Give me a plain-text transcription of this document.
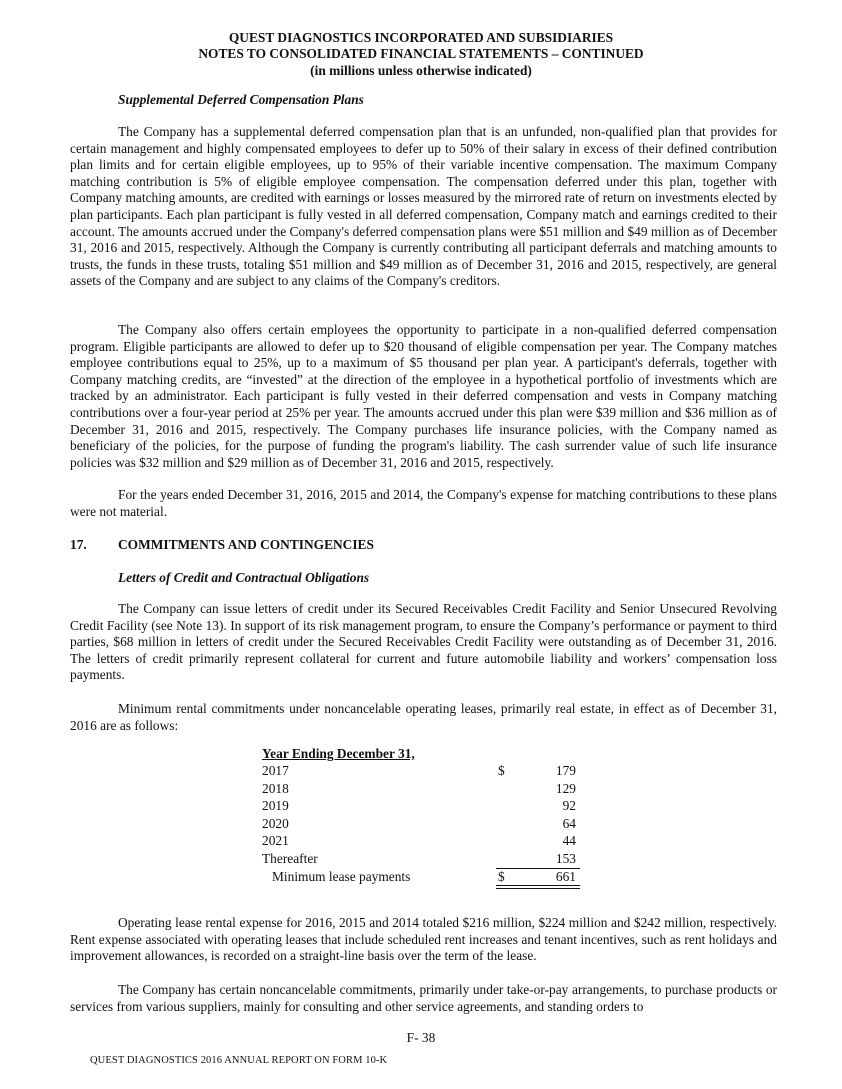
QUEST DIAGNOSTICS INCORPORATED AND SUBSIDIARIES
NOTES TO CONSOLIDATED FINANCIAL STATEMENTS – CONTINUED
(in millions unless otherwise indicated)
Supplemental Deferred Compensation Plans

The Company has a supplemental deferred compensation plan that is an unfunded, non-qualified plan that provides for certain management and highly compensated employees to defer up to 50% of their salary in excess of their defined contribution plan limits and for certain eligible employees, up to 95% of their variable incentive compensation. The maximum Company matching contribution is 5% of eligible employee compensation. The compensation deferred under this plan, together with Company matching amounts, are credited with earnings or losses measured by the mirrored rate of return on investments elected by plan participants. Each plan participant is fully vested in all deferred compensation, Company match and earnings credited to their account. The amounts accrued under the Company's deferred compensation plans were $51 million and $49 million as of December 31, 2016 and 2015, respectively. Although the Company is currently contributing all participant deferrals and matching amounts to trusts, the funds in these trusts, totaling $51 million and $49 million as of December 31, 2016 and 2015, respectively, are general assets of the Company and are subject to any claims of the Company's creditors.

The Company also offers certain employees the opportunity to participate in a non-qualified deferred compensation program. Eligible participants are allowed to defer up to $20 thousand of eligible compensation per year. The Company matches employee contributions equal to 25%, up to a maximum of $5 thousand per plan year. A participant's deferrals, together with Company matching credits, are “invested” at the direction of the employee in a hypothetical portfolio of investments which are tracked by an administrator. Each participant is fully vested in their deferred compensation and vests in Company matching contributions over a four-year period at 25% per year. The amounts accrued under this plan were $39 million and $36 million as of December 31, 2016 and 2015, respectively. The Company purchases life insurance policies, with the Company named as beneficiary of the policies, for the purpose of funding the program's liability. The cash surrender value of such life insurance policies was $32 million and $29 million as of December 31, 2016 and 2015, respectively.

For the years ended December 31, 2016, 2015 and 2014, the Company's expense for matching contributions to these plans were not material.

17. COMMITMENTS AND CONTINGENCIES
Letters of Credit and Contractual Obligations

The Company can issue letters of credit under its Secured Receivables Credit Facility and Senior Unsecured Revolving Credit Facility (see Note 13). In support of its risk management program, to ensure the Company’s performance or payment to third parties, $68 million in letters of credit under the Secured Receivables Credit Facility were outstanding as of December 31, 2016. The letters of credit primarily represent collateral for current and future automobile liability and workers’ compensation loss payments.

Minimum rental commitments under noncancelable operating leases, primarily real estate, in effect as of December 31, 2016 are as follows:

Year Ending December 31,
2017	$	179
2018	129
2019	92
2020	64
2021	44
Thereafter	153
Minimum lease payments	$	661

Operating lease rental expense for 2016, 2015 and 2014 totaled $216 million, $224 million and $242 million, respectively. Rent expense associated with operating leases that include scheduled rent increases and tenant incentives, such as rent holidays and improvement allowances, is recorded on a straight-line basis over the term of the lease.

The Company has certain noncancelable commitments, primarily under take-or-pay arrangements, to purchase products or services from various suppliers, mainly for consulting and other service agreements, and standing orders to

F- 38
QUEST DIAGNOSTICS 2016 ANNUAL REPORT ON FORM 10-K
